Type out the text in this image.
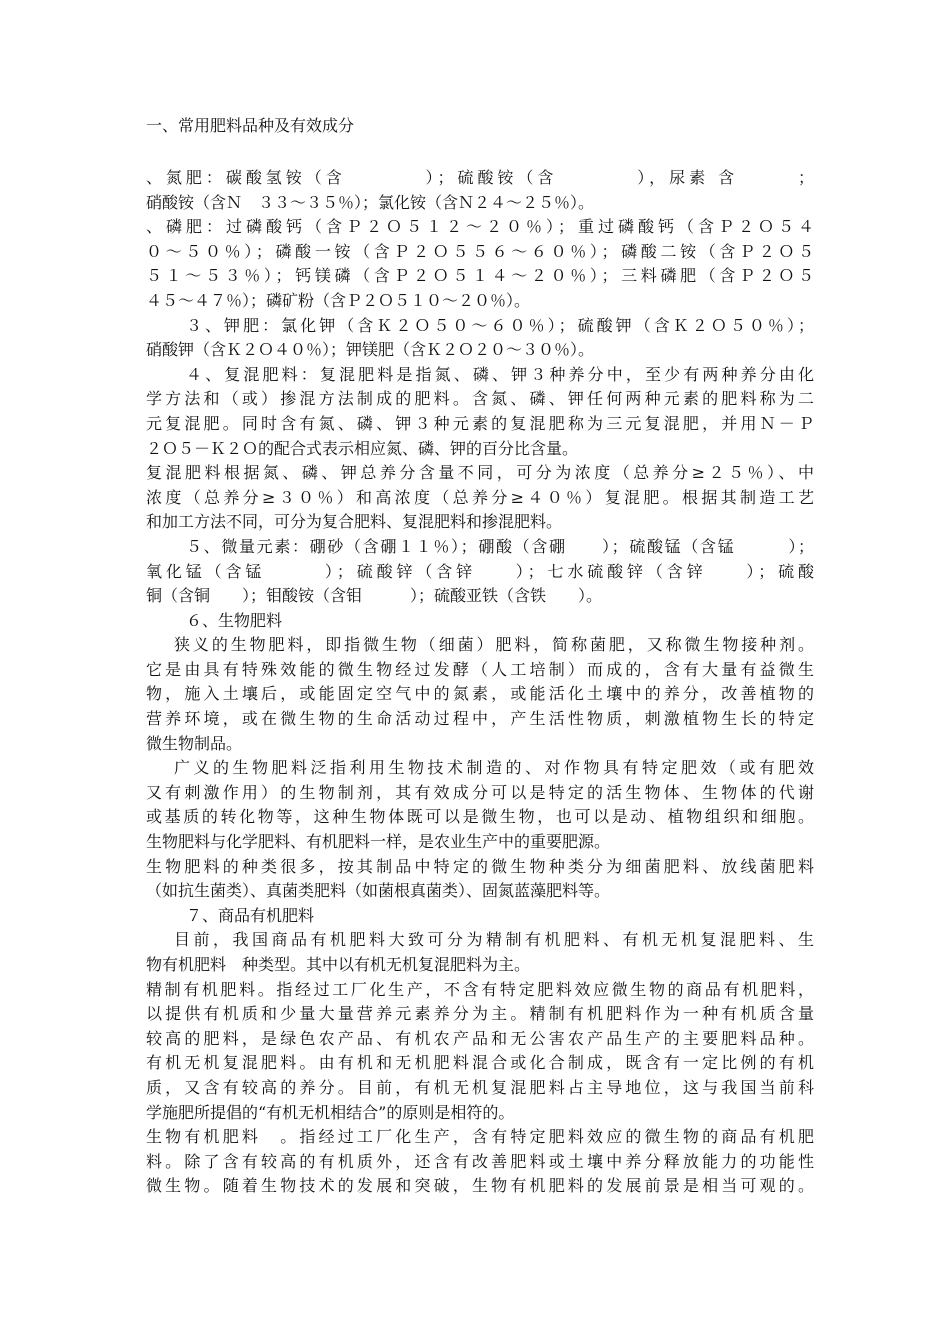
一、常用肥料品种及有效成分
、氮肥：碳酸氢铵（含　　　　）；硫酸铵（含　　　　），尿素 含　　　；
硝酸铵（含Ｎ　３３～３５％）；氯化铵（含Ｎ２４～２５％）。
、磷肥：过磷酸钙（含Ｐ２Ｏ５１２～２０％）；重过磷酸钙（含Ｐ２Ｏ５４
０～５０％）；磷酸一铵（含Ｐ２Ｏ５５６～６０％）；磷酸二铵（含Ｐ２Ｏ５
５１～５３％）；钙镁磷（含Ｐ２Ｏ５１４～２０％）；三料磷肥（含Ｐ２Ｏ５
４５～４７％）；磷矿粉（含Ｐ２Ｏ５１０～２０％）。
３、钾肥：氯化钾（含Ｋ２Ｏ５０～６０％）；硫酸钾（含Ｋ２Ｏ５０％）；
硝酸钾（含Ｋ２Ｏ４０％）；钾镁肥（含Ｋ２Ｏ２０～３０％）。
４、复混肥料：复混肥料是指氮、磷、钾３种养分中，至少有两种养分由化
学方法和（或）掺混方法制成的肥料。含氮、磷、钾任何两种元素的肥料称为二
元复混肥。同时含有氮、磷、钾３种元素的复混肥称为三元复混肥，并用Ｎ－Ｐ
２Ｏ５－Ｋ２Ｏ的配合式表示相应氮、磷、钾的百分比含量。
复混肥料根据氮、磷、钾总养分含量不同，可分为浓度（总养分≥２５％）、中
浓度（总养分≥３０％）和高浓度（总养分≥４０％）复混肥。根据其制造工艺
和加工方法不同，可分为复合肥料、复混肥料和掺混肥料。
５、微量元素：硼砂（含硼１１％）；硼酸（含硼　　）；硫酸锰（含锰　　　）；
氧化锰（含锰　　　）；硫酸锌（含锌　　）；七水硫酸锌（含锌　　）；硫酸
铜（含铜　　）；钼酸铵（含钼　　　）；硫酸亚铁（含铁　　）。
６、生物肥料
狭义的生物肥料，即指微生物（细菌）肥料，简称菌肥，又称微生物接种剂。
它是由具有特殊效能的微生物经过发酵（人工培制）而成的，含有大量有益微生
物，施入土壤后，或能固定空气中的氮素，或能活化土壤中的养分，改善植物的
营养环境，或在微生物的生命活动过程中，产生活性物质，刺激植物生长的特定
微生物制品。
广义的生物肥料泛指利用生物技术制造的、对作物具有特定肥效（或有肥效
又有刺激作用）的生物制剂，其有效成分可以是特定的活生物体、生物体的代谢
或基质的转化物等，这种生物体既可以是微生物，也可以是动、植物组织和细胞。
生物肥料与化学肥料、有机肥料一样，是农业生产中的重要肥源。
生物肥料的种类很多，按其制品中特定的微生物种类分为细菌肥料、放线菌肥料
（如抗生菌类）、真菌类肥料（如菌根真菌类）、固氮蓝藻肥料等。
７、商品有机肥料
目前，我国商品有机肥料大致可分为精制有机肥料、有机无机复混肥料、生
物有机肥料　种类型。其中以有机无机复混肥料为主。
精制有机肥料。指经过工厂化生产，不含有特定肥料效应微生物的商品有机肥料，
以提供有机质和少量大量营养元素养分为主。精制有机肥料作为一种有机质含量
较高的肥料，是绿色农产品、有机农产品和无公害农产品生产的主要肥料品种。
有机无机复混肥料。由有机和无机肥料混合或化合制成，既含有一定比例的有机
质，又含有较高的养分。目前，有机无机复混肥料占主导地位，这与我国当前科
学施肥所提倡的“有机无机相结合”的原则是相符的。
生物有机肥料　。指经过工厂化生产，含有特定肥料效应的微生物的商品有机肥
料。除了含有较高的有机质外，还含有改善肥料或土壤中养分释放能力的功能性
微生物。随着生物技术的发展和突破，生物有机肥料的发展前景是相当可观的。
